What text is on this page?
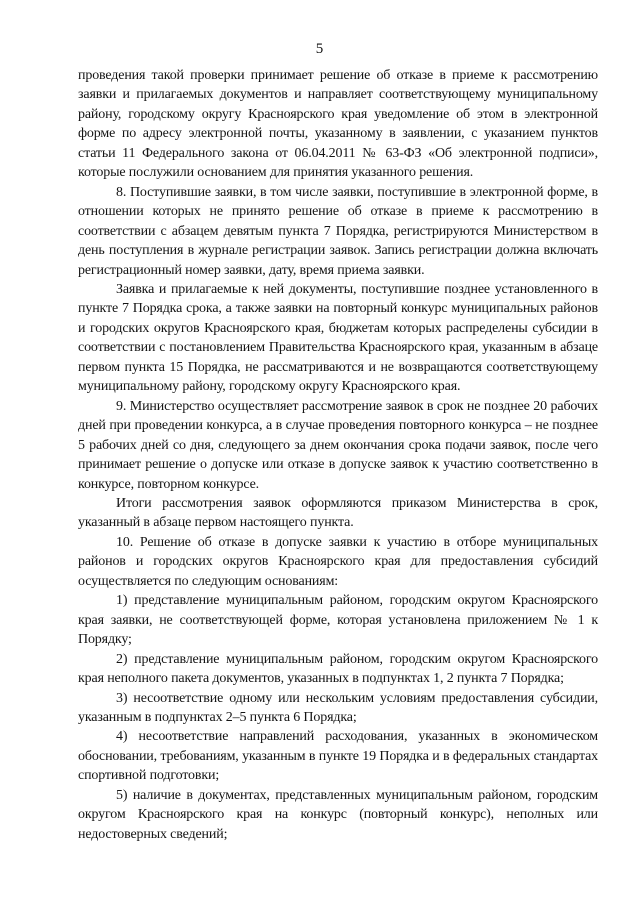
5

проведения такой проверки принимает решение об отказе в приеме к рассмотрению заявки и прилагаемых документов и направляет соответствующему муниципальному району, городскому округу Красноярского края уведомление об этом в электронной форме по адресу электронной почты, указанному в заявлении, с указанием пунктов статьи 11 Федерального закона от 06.04.2011 № 63-ФЗ «Об электронной подписи», которые послужили основанием для принятия указанного решения.

8. Поступившие заявки, в том числе заявки, поступившие в электронной форме, в отношении которых не принято решение об отказе в приеме к рассмотрению в соответствии с абзацем девятым пункта 7 Порядка, регистрируются Министерством в день поступления в журнале регистрации заявок. Запись регистрации должна включать регистрационный номер заявки, дату, время приема заявки.

Заявка и прилагаемые к ней документы, поступившие позднее установленного в пункте 7 Порядка срока, а также заявки на повторный конкурс муниципальных районов и городских округов Красноярского края, бюджетам которых распределены субсидии в соответствии с постановлением Правительства Красноярского края, указанным в абзаце первом пункта 15 Порядка, не рассматриваются и не возвращаются соответствующему муниципальному району, городскому округу Красноярского края.

9. Министерство осуществляет рассмотрение заявок в срок не позднее 20 рабочих дней при проведении конкурса, а в случае проведения повторного конкурса – не позднее 5 рабочих дней со дня, следующего за днем окончания срока подачи заявок, после чего принимает решение о допуске или отказе в допуске заявок к участию соответственно в конкурсе, повторном конкурсе.

Итоги рассмотрения заявок оформляются приказом Министерства в срок, указанный в абзаце первом настоящего пункта.

10. Решение об отказе в допуске заявки к участию в отборе муниципальных районов и городских округов Красноярского края для предоставления субсидий осуществляется по следующим основаниям:

1) представление муниципальным районом, городским округом Красноярского края заявки, не соответствующей форме, которая установлена приложением № 1 к Порядку;

2) представление муниципальным районом, городским округом Красноярского края неполного пакета документов, указанных в подпунктах 1, 2 пункта 7 Порядка;

3) несоответствие одному или нескольким условиям предоставления субсидии, указанным в подпунктах 2–5 пункта 6 Порядка;

4) несоответствие направлений расходования, указанных в экономическом обосновании, требованиям, указанным в пункте 19 Порядка и в федеральных стандартах спортивной подготовки;

5) наличие в документах, представленных муниципальным районом, городским округом Красноярского края на конкурс (повторный конкурс), неполных или недостоверных сведений;
